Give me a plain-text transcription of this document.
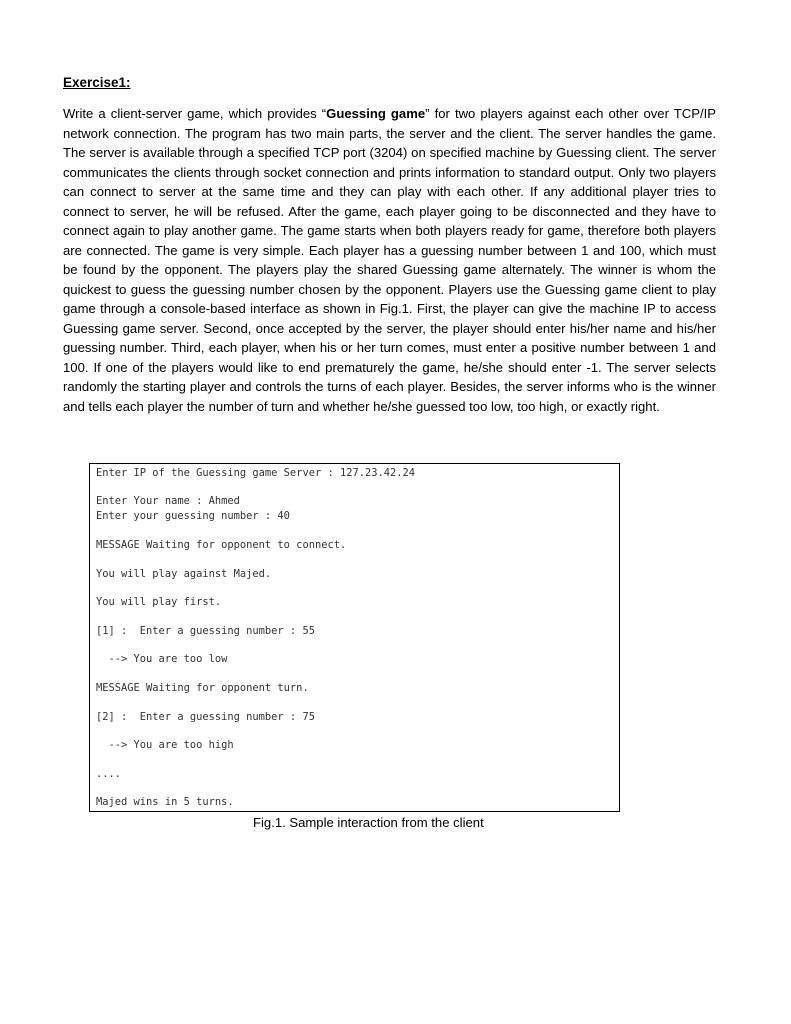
Exercise1:

Write a client-server game, which provides “Guessing game” for two players against each other over TCP/IP network connection. The program has two main parts, the server and the client. The server handles the game. The server is available through a specified TCP port (3204) on specified machine by Guessing client. The server communicates the clients through socket connection and prints information to standard output. Only two players can connect to server at the same time and they can play with each other. If any additional player tries to connect to server, he will be refused. After the game, each player going to be disconnected and they have to connect again to play another game. The game starts when both players ready for game, therefore both players are connected. The game is very simple. Each player has a guessing number between 1 and 100, which must be found by the opponent. The players play the shared Guessing game alternately. The winner is whom the quickest to guess the guessing number chosen by the opponent. Players use the Guessing game client to play game through a console-based interface as shown in Fig.1. First, the player can give the machine IP to access Guessing game server. Second, once accepted by the server, the player should enter his/her name and his/her guessing number. Third, each player, when his or her turn comes, must enter a positive number between 1 and 100. If one of the players would like to end prematurely the game, he/she should enter -1. The server selects randomly the starting player and controls the turns of each player. Besides, the server informs who is the winner and tells each player the number of turn and whether he/she guessed too low, too high, or exactly right.

Enter IP of the Guessing game Server : 127.23.42.24
Enter Your name : Ahmed
Enter your guessing number : 40
MESSAGE Waiting for opponent to connect.
You will play against Majed.
You will play first.
[1] :  Enter a guessing number : 55
--> You are too low
MESSAGE Waiting for opponent turn.
[2] :  Enter a guessing number : 75
--> You are too high
....
Majed wins in 5 turns.
Fig.1. Sample interaction from the client
